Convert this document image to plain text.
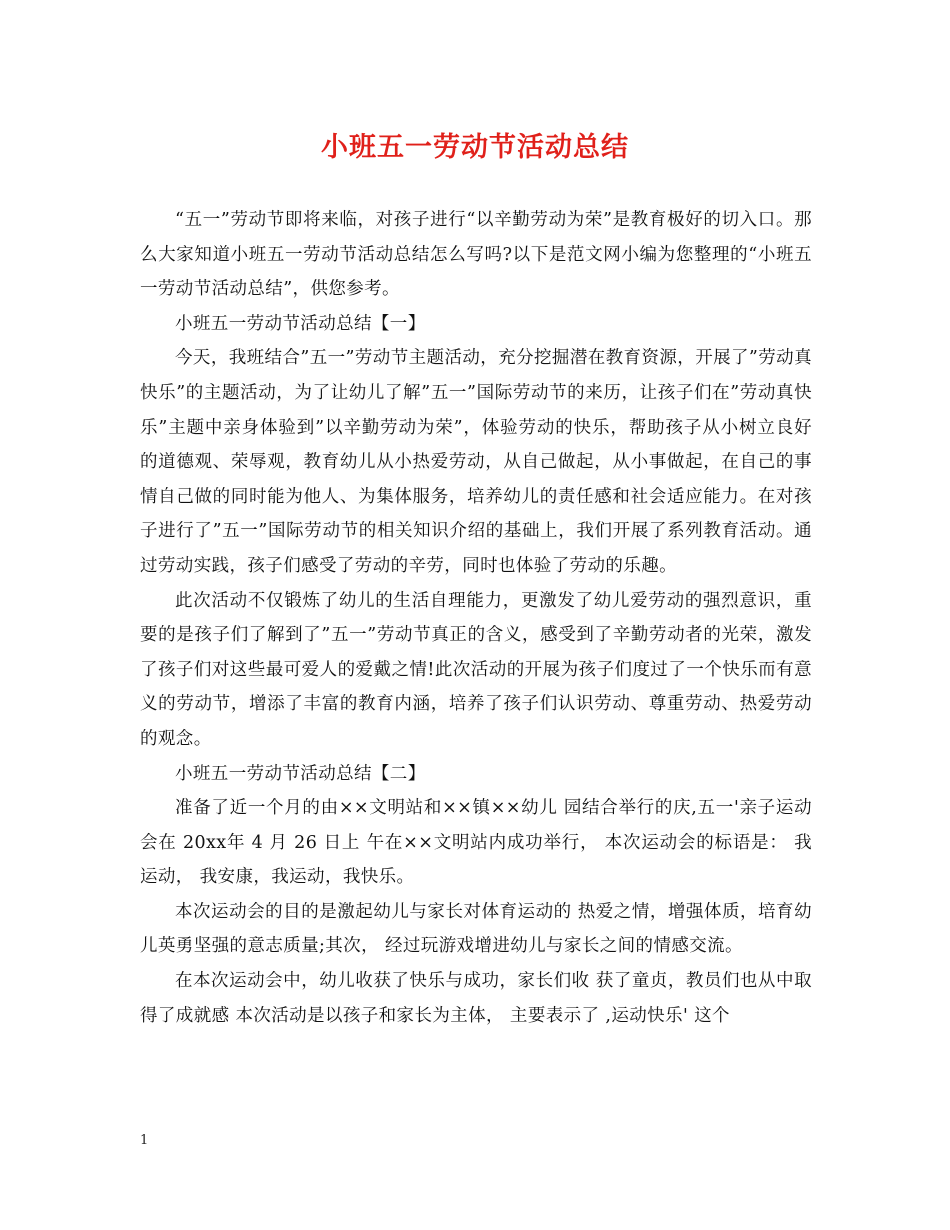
小班五一劳动节活动总结

“五一”劳动节即将来临，对孩子进行“以辛勤劳动为荣”是教育极好的切入口。那么大家知道小班五一劳动节活动总结怎么写吗?以下是范文网小编为您整理的“小班五一劳动节活动总结”，供您参考。

小班五一劳动节活动总结【一】

今天，我班结合”五一”劳动节主题活动，充分挖掘潜在教育资源，开展了”劳动真快乐”的主题活动，为了让幼儿了解”五一”国际劳动节的来历，让孩子们在”劳动真快乐”主题中亲身体验到”以辛勤劳动为荣”，体验劳动的快乐，帮助孩子从小树立良好的道德观、荣辱观，教育幼儿从小热爱劳动，从自己做起，从小事做起，在自己的事情自己做的同时能为他人、为集体服务，培养幼儿的责任感和社会适应能力。在对孩子进行了”五一”国际劳动节的相关知识介绍的基础上，我们开展了系列教育活动。通过劳动实践，孩子们感受了劳动的辛劳，同时也体验了劳动的乐趣。

此次活动不仅锻炼了幼儿的生活自理能力，更激发了幼儿爱劳动的强烈意识，重要的是孩子们了解到了”五一”劳动节真正的含义，感受到了辛勤劳动者的光荣，激发了孩子们对这些最可爱人的爱戴之情!此次活动的开展为孩子们度过了一个快乐而有意义的劳动节，增添了丰富的教育内涵，培养了孩子们认识劳动、尊重劳动、热爱劳动的观念。

小班五一劳动节活动总结【二】

准备了近一个月的由××文明站和××镇××幼儿 园结合举行的庆,五一'亲子运动会在 20xx年 4 月 26 日上 午在××文明站内成功举行， 本次运动会的标语是： 我运动， 我安康，我运动，我快乐。

本次运动会的目的是激起幼儿与家长对体育运动的 热爱之情，增强体质，培育幼儿英勇坚强的意志质量;其次， 经过玩游戏增进幼儿与家长之间的情感交流。

在本次运动会中，幼儿收获了快乐与成功，家长们收 获了童贞，教员们也从中取得了成就感 本次活动是以孩子和家长为主体， 主要表示了 ,运动快乐' 这个

1
